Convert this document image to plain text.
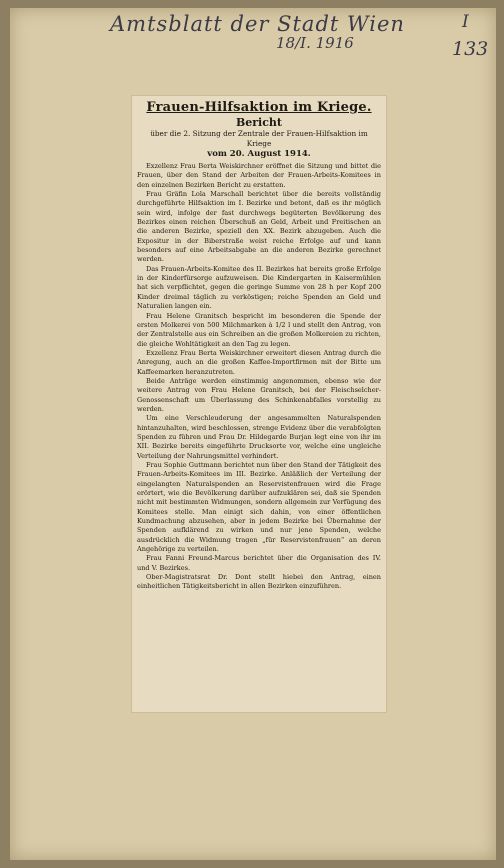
Amtsblatt der Stadt Wien
18/I. 1916
I
133
Frauen-Hilfsaktion im Kriege.
Bericht

über die 2. Sitzung der Zentrale der Frauen-Hilfsaktion im Kriege

vom 20. August 1914.

Exzellenz Frau Berta Weiskirchner eröffnet die Sitzung und bittet die Frauen, über den Stand der Arbeiten der Frauen-Arbeits-Komitees in den einzelnen Bezirken Bericht zu erstatten.

Frau Gräfin Lola Marschall berichtet über die bereits vollständig durchgeführte Hilfsaktion im I. Bezirke und betont, daß es ihr möglich sein wird, infolge der fast durchwegs begüterten Bevölkerung des Bezirkes einen reichen Überschuß an Geld, Arbeit und Freitischen an die anderen Bezirke, speziell den XX. Bezirk abzugeben. Auch die Expositur in der Biberstraße weist reiche Erfolge auf und kann besonders auf eine Arbeitsabgabe an die anderen Bezirke gerechnet werden.

Das Frauen-Arbeits-Komitee des II. Bezirkes hat bereits große Erfolge in der Kinderfürsorge aufzuweisen. Die Kindergarten in Kaisermühlen hat sich verpflichtet, gegen die geringe Summe von 28 h per Kopf 200 Kinder dreimal täglich zu verköstigen; reiche Spenden an Geld und Naturalien langen ein.

Frau Helene Granitsch bespricht im besonderen die Spende der ersten Molkerei von 500 Milchmarken à 1/2 l und stellt den Antrag, von der Zentralstelle aus ein Schreiben an die großen Molkereien zu richten, die gleiche Wohltätigkeit an den Tag zu legen.

Exzellenz Frau Berta Weiskirchner erweitert diesen Antrag durch die Anregung, auch an die großen Kaffee-Importfirmen mit der Bitte um Kaffeemarken heranzutreten.

Beide Anträge werden einstimmig angenommen, ebenso wie der weitere Antrag von Frau Helene Granitsch, bei der Fleischselcher-Genossenschaft um Überlassung des Schinkenabfalles vorstellig zu werden.

Um eine Verschleuderung der angesammelten Naturalspenden hintanzuhalten, wird beschlossen, strenge Evidenz über die verabfolgten Spenden zu führen und Frau Dr. Hildegarde Burjan legt eine von ihr im XII. Bezirke bereits eingeführte Drucksorte vor, welche eine ungleiche Verteilung der Nahrungsmittel verhindert.

Frau Sophie Guttmann berichtet nun über den Stand der Tätigkeit des Frauen-Arbeits-Komitees im III. Bezirke. Anläßlich der Verteilung der eingelangten Naturalspenden an Reservistenfrauen wird die Frage erörtert, wie die Bevölkerung darüber aufzuklären sei, daß sie Spenden nicht mit bestimmten Widmungen, sondern allgemein zur Verfügung des Komitees stelle. Man einigt sich dahin, von einer öffentlichen Kundmachung abzusehen, aber in jedem Bezirke bei Übernahme der Spenden aufklärend zu wirken und nur jene Spenden, welche ausdrücklich die Widmung tragen „für Reservistenfrauen“ an deren Angehörige zu verteilen.

Frau Fanni Freund-Marcus berichtet über die Organisation des IV. und V. Bezirkes.

Ober-Magistratsrat Dr. Dont stellt hiebei den Antrag, einen einheitlichen Tätigkeitsbericht in allen Bezirken einzuführen.
